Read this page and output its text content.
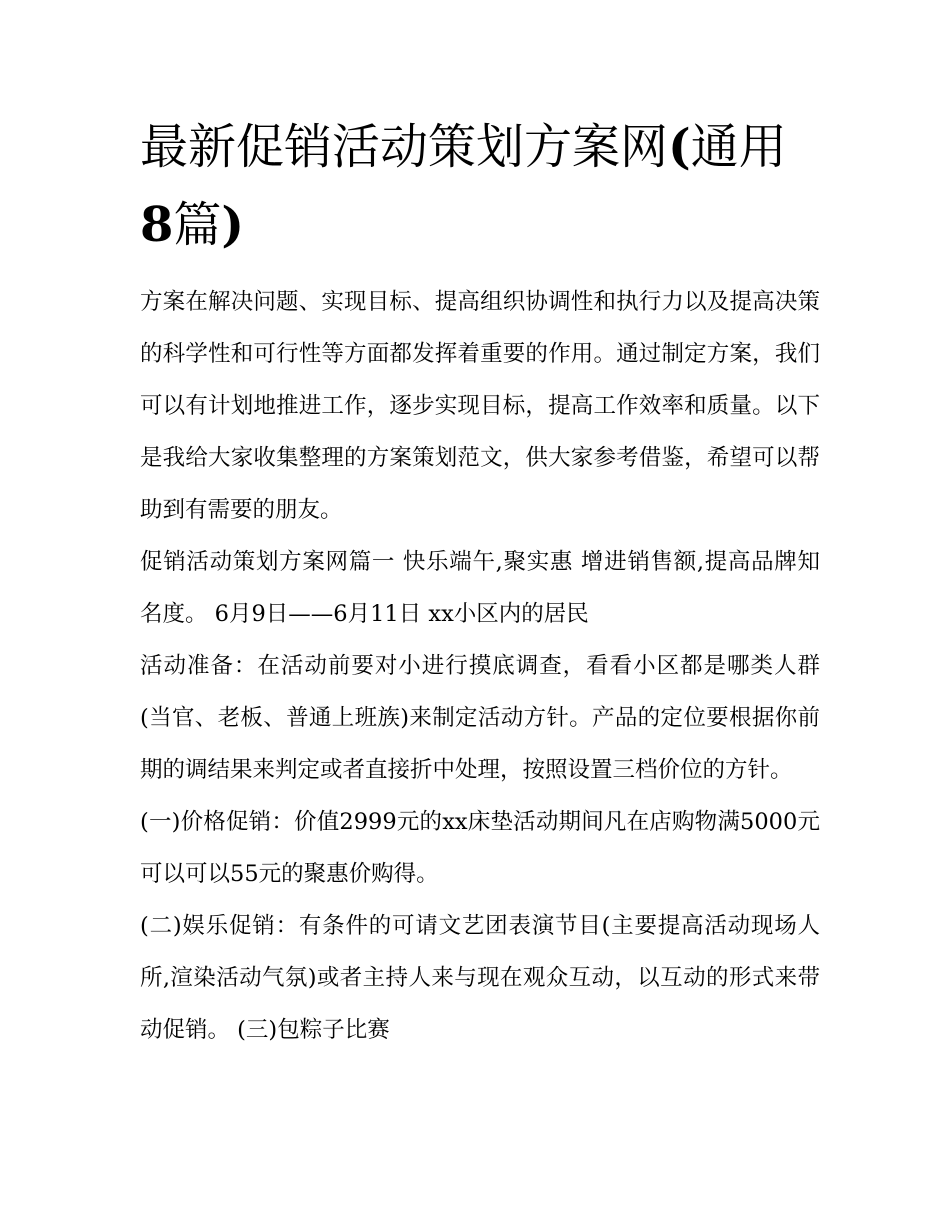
最新促销活动策划方案网(通用8篇)

方案在解决问题、实现目标、提高组织协调性和执行力以及提高决策的科学性和可行性等方面都发挥着重要的作用。通过制定方案，我们可以有计划地推进工作，逐步实现目标，提高工作效率和质量。以下是我给大家收集整理的方案策划范文，供大家参考借鉴，希望可以帮助到有需要的朋友。

促销活动策划方案网篇一 快乐端午,聚实惠 增进销售额,提高品牌知名度。 6月9日——6月11日 xx小区内的居民

活动准备：在活动前要对小进行摸底调查，看看小区都是哪类人群(当官、老板、普通上班族)来制定活动方针。产品的定位要根据你前期的调结果来判定或者直接折中处理，按照设置三档价位的方针。

(一)价格促销：价值2999元的xx床垫活动期间凡在店购物满5000元可以可以55元的聚惠价购得。

(二)娱乐促销：有条件的可请文艺团表演节目(主要提高活动现场人所,渲染活动气氛)或者主持人来与现在观众互动，以互动的形式来带动促销。 (三)包粽子比赛
